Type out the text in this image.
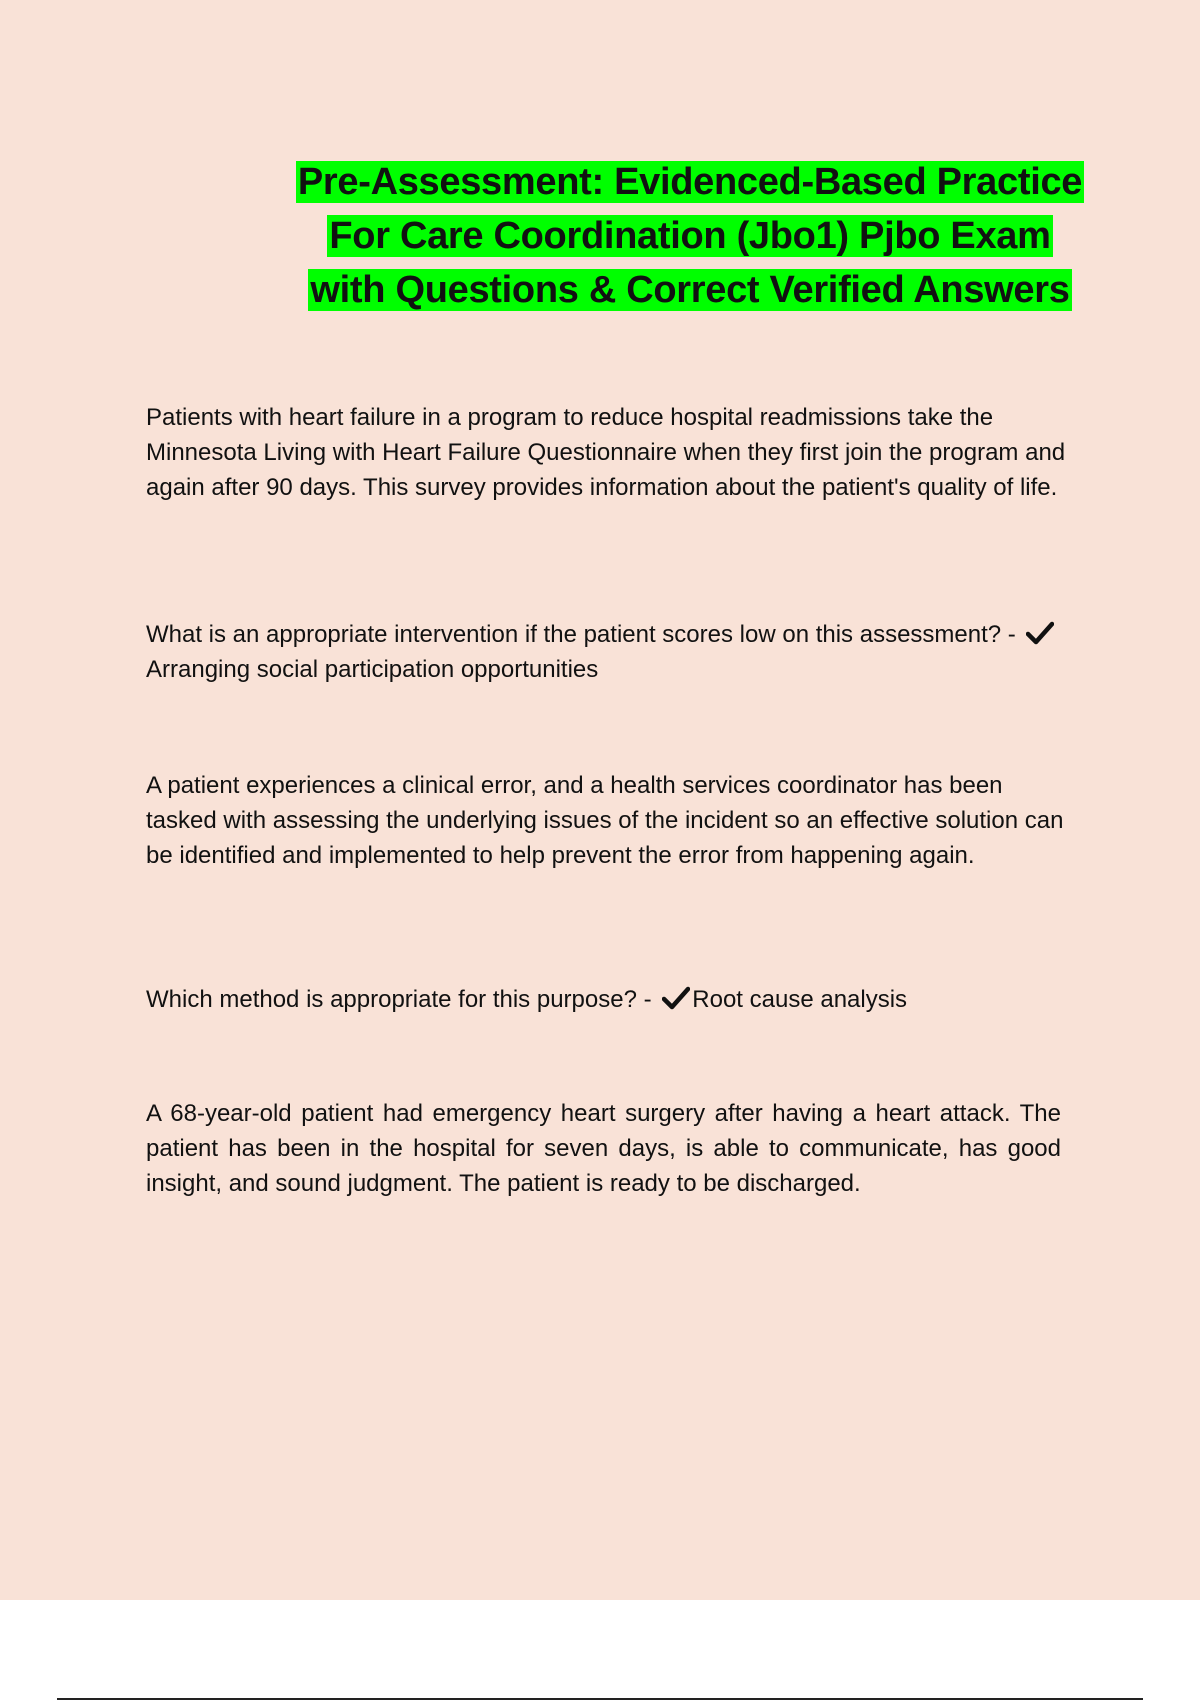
Pre-Assessment: Evidenced-Based Practice
For Care Coordination (Jbo1) Pjbo Exam
with Questions & Correct Verified Answers

Patients with heart failure in a program to reduce hospital readmissions take the Minnesota Living with Heart Failure Questionnaire when they first join the program and again after 90 days. This survey provides information about the patient's quality of life.

What is an appropriate intervention if the patient scores low on this assessment? - Arranging social participation opportunities

A patient experiences a clinical error, and a health services coordinator has been tasked with assessing the underlying issues of the incident so an effective solution can be identified and implemented to help prevent the error from happening again.

Which method is appropriate for this purpose? - Root cause analysis

A 68-year-old patient had emergency heart surgery after having a heart attack. The patient has been in the hospital for seven days, is able to communicate, has good insight, and sound judgment. The patient is ready to be discharged.
